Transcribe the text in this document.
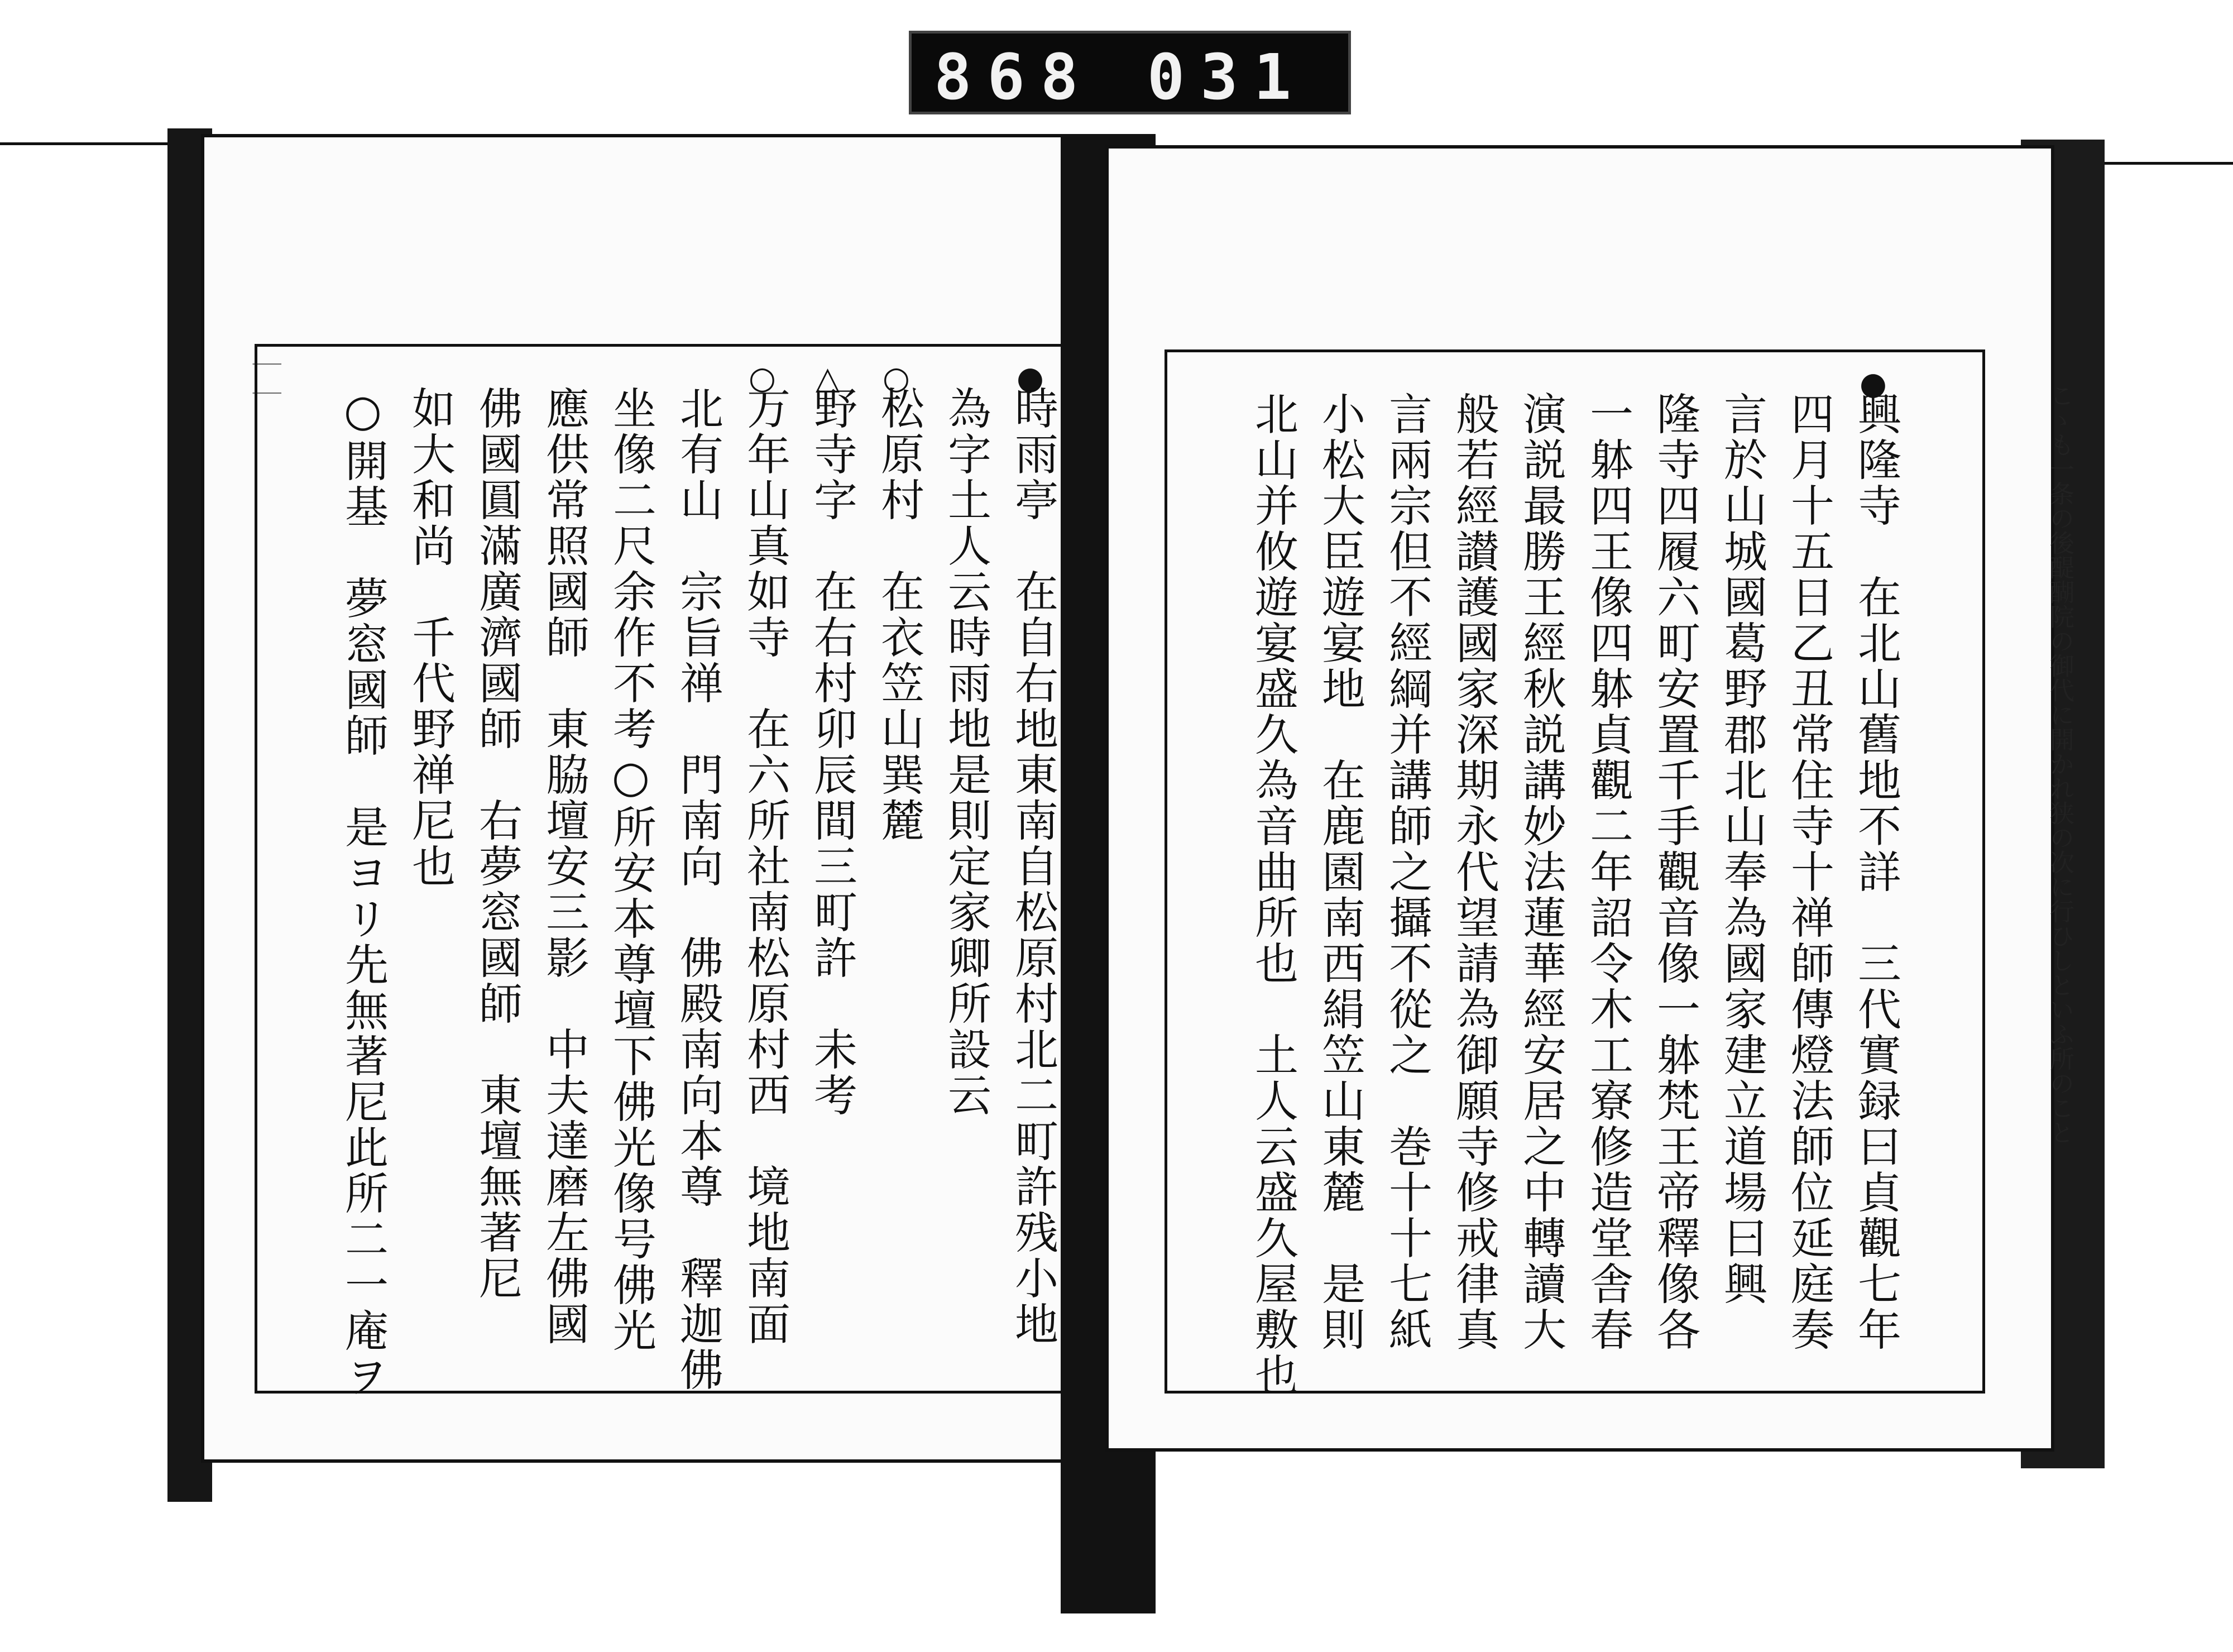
868 031
｜｜	●
時雨亭　在自右地東南自松原村北二町許残小地
為字土人云時雨地是則定家卿所設云
○
松原村　在衣笠山巽麓
△
野寺字　在右村卯辰間三町許　未考
○
万年山真如寺　在六所社南松原村西　境地南面
北有山　宗旨禅　門南向　佛殿南向本尊　釋迦佛
坐像二尺余作不考○所安本尊壇下佛光像号佛光
應供常照國師　東脇壇安三影　中夫達磨左佛國
佛國圓滿廣濟國師　右夢窓國師　東壇無著尼
如大和尚　千代野禅尼也
○開基　夢窓國師　是ヨリ先無著尼此所二一庵ヲ	こゝも一条の後醍醐院の御代に開かれ狭の次に行ひしといふ所のこと
●
興隆寺　在北山舊地不詳　三代實録曰貞觀七年
四月十五日乙丑常住寺十禅師傳燈法師位延庭奏
言於山城國葛野郡北山奉為國家建立道場曰興
隆寺四履六町安置千手觀音像一躰梵王帝釋像各
一躰四王像四躰貞觀二年詔令木工寮修造堂舎春
演説最勝王經秋説講妙法蓮華經安居之中轉讀大
般若經讃護國家深期永代望請為御願寺修戒律真
言兩宗但不經綱并講師之攝不從之　巻十十七紙
小松大臣遊宴地　在鹿園南西絹笠山東麓　是則
北山并攸遊宴盛久為音曲所也　土人云盛久屋敷也
